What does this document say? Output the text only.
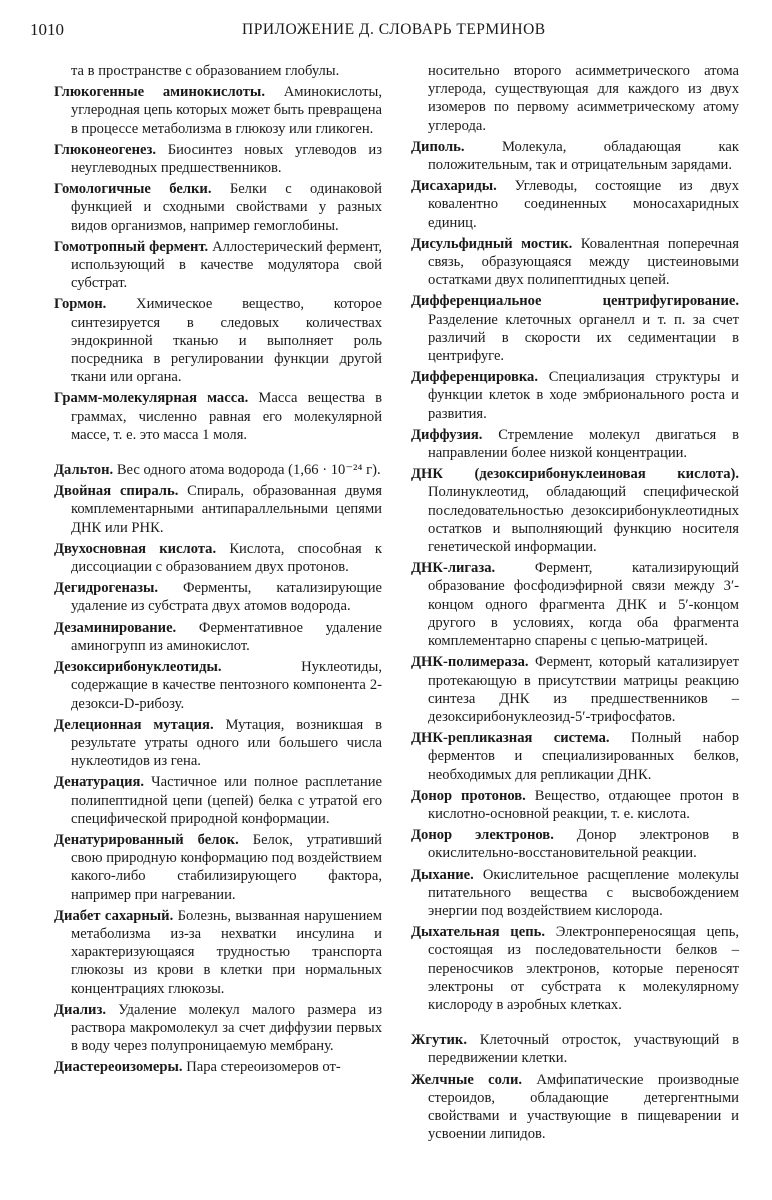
1010	ПРИЛОЖЕНИЕ Д. СЛОВАРЬ ТЕРМИНОВ

та в пространстве с образованием глобулы.

Глюкогенные аминокислоты. Аминокислоты, углеродная цепь которых может быть превращена в процессе метаболизма в глюкозу или гликоген.

Глюконеогенез. Биосинтез новых углеводов из неуглеводных предшественников.

Гомологичные белки. Белки с одинаковой функцией и сходными свойствами у разных видов организмов, например гемоглобины.

Гомотропный фермент. Аллостерический фермент, использующий в качестве модулятора свой субстрат.

Гормон. Химическое вещество, которое синтезируется в следовых количествах эндокринной тканью и выполняет роль посредника в регулировании функции другой ткани или органа.

Грамм-молекулярная масса. Масса вещества в граммах, численно равная его молекулярной массе, т. е. это масса 1 моля.

Дальтон. Вес одного атома водорода (1,66 · 10⁻²⁴ г).

Двойная спираль. Спираль, образованная двумя комплементарными антипараллельными цепями ДНК или РНК.

Двухосновная кислота. Кислота, способная к диссоциации с образованием двух протонов.

Дегидрогеназы. Ферменты, катализирующие удаление из субстрата двух атомов водорода.

Дезаминирование. Ферментативное удаление аминогрупп из аминокислот.

Дезоксирибонуклеотиды.	Нуклеотиды, содержащие в качестве пентозного компонента 2-дезокси-D-рибозу.

Делеционная мутация. Мутация, возникшая в результате утраты одного или большего числа нуклеотидов из гена.

Денатурация. Частичное или полное расплетание полипептидной цепи (цепей) белка с утратой его специфической природной конформации.

Денатурированный белок. Белок, утративший свою природную конформацию под воздействием какого-либо стабилизирующего фактора, например при нагревании.

Диабет сахарный. Болезнь, вызванная нарушением метаболизма из-за нехватки инсулина и характеризующаяся трудностью транспорта глюкозы из крови в клетки при нормальных концентрациях глюкозы.

Диализ. Удаление молекул малого размера из раствора макромолекул за счет диффузии первых в воду через полупроницаемую мембрану.

Диастереоизомеры. Пара стереоизомеров от-

носительно второго асимметрического атома углерода, существующая для каждого из двух изомеров по первому асимметрическому атому углерода.

Диполь.	Молекула, обладающая как положительным, так и отрицательным зарядами.

Дисахариды. Углеводы, состоящие из двух ковалентно соединенных моносахаридных единиц.

Дисульфидный мостик. Ковалентная поперечная связь, образующаяся между цистеиновыми остатками двух полипептидных цепей.

Дифференциальное центрифугирование. Разделение клеточных органелл и т. п. за счет различий в скорости их седиментации в центрифуге.

Дифференцировка. Специализация структуры и функции клеток в ходе эмбрионального роста и развития.

Диффузия. Стремление молекул двигаться в направлении более низкой концентрации.

ДНК (дезоксирибонуклеиновая кислота). Полинуклеотид, обладающий специфической последовательностью дезоксирибонуклеотидных остатков и выполняющий функцию носителя генетической информации.

ДНК-лигаза.	Фермент, катализирующий образование фосфодиэфирной связи между 3′-концом одного фрагмента ДНК и 5′-концом другого в условиях, когда оба фрагмента комплементарно спарены с цепью-матрицей.

ДНК-полимераза. Фермент, который катализирует протекающую в присутствии матрицы реакцию синтеза ДНК из предшественников – дезоксирибонуклеозид-5′-трифосфатов.

ДНК-репликазная система. Полный набор ферментов и специализированных белков, необходимых для репликации ДНК.

Донор протонов. Вещество, отдающее протон в кислотно-основной реакции, т. е. кислота.

Донор электронов. Донор электронов в окислительно-восстановительной реакции.

Дыхание. Окислительное расщепление молекулы питательного вещества с высвобождением энергии под воздействием кислорода.

Дыхательная цепь. Электронпереносящая цепь, состоящая из последовательности белков – переносчиков электронов, которые переносят электроны от субстрата к молекулярному кислороду в аэробных клетках.

Жгутик. Клеточный отросток, участвующий в передвижении клетки.

Желчные соли. Амфипатические производные стероидов, обладающие детергентными свойствами и участвующие в пищеварении и усвоении липидов.
